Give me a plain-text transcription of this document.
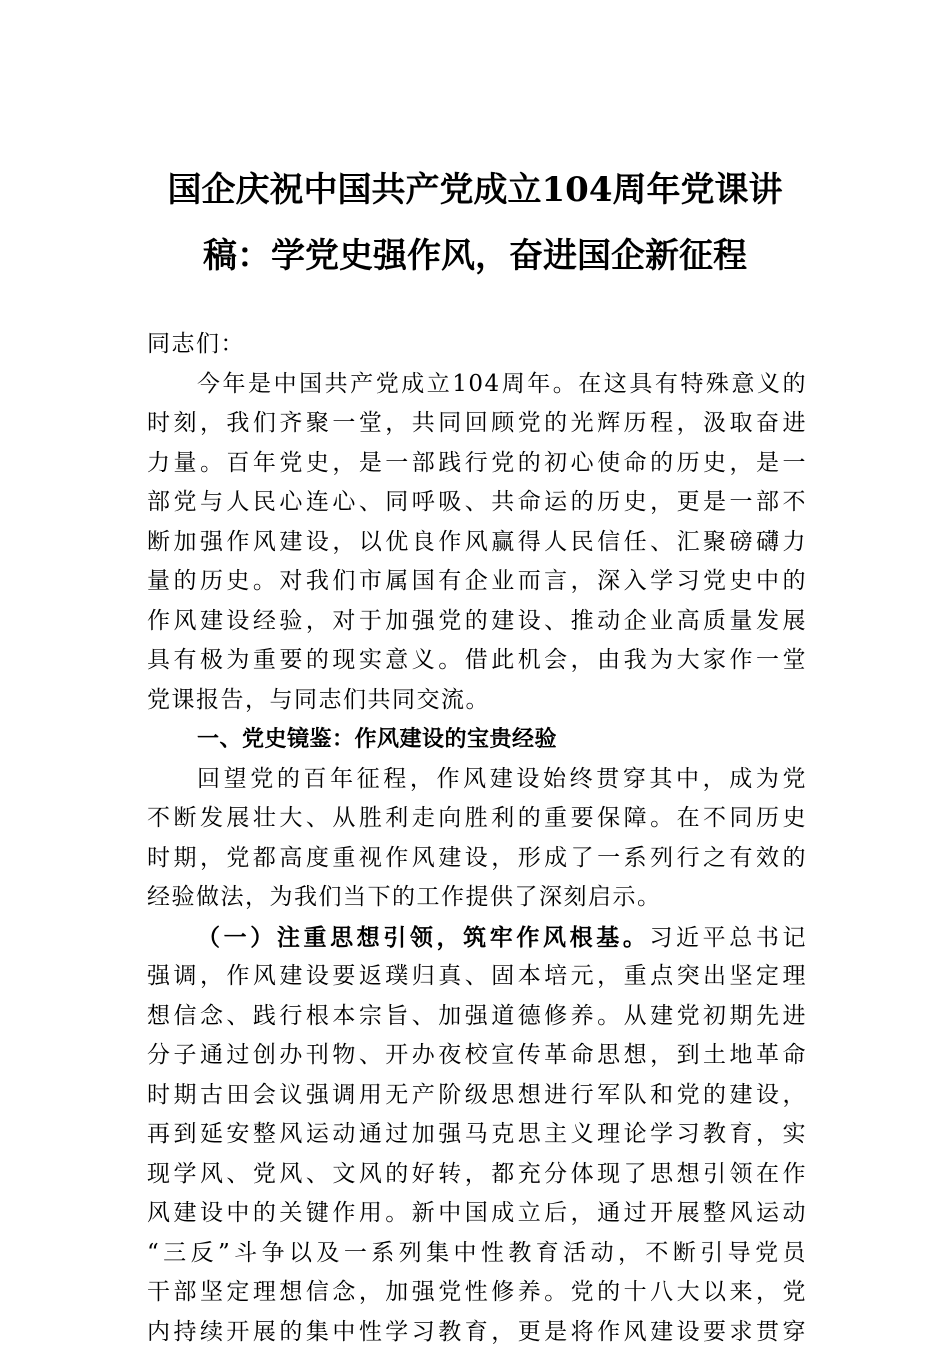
国企庆祝中国共产党成立104周年党课讲
稿：学党史强作风，奋进国企新征程
同志们：
今年是中国共产党成立104周年。在这具有特殊意义的
时刻，我们齐聚一堂，共同回顾党的光辉历程，汲取奋进
力量。百年党史，是一部践行党的初心使命的历史，是一
部党与人民心连心、同呼吸、共命运的历史，更是一部不
断加强作风建设，以优良作风赢得人民信任、汇聚磅礴力
量的历史。对我们市属国有企业而言，深入学习党史中的
作风建设经验，对于加强党的建设、推动企业高质量发展
具有极为重要的现实意义。借此机会，由我为大家作一堂
党课报告，与同志们共同交流。
一、党史镜鉴：作风建设的宝贵经验
回望党的百年征程，作风建设始终贯穿其中，成为党
不断发展壮大、从胜利走向胜利的重要保障。在不同历史
时期，党都高度重视作风建设，形成了一系列行之有效的
经验做法，为我们当下的工作提供了深刻启示。
（一）注重思想引领，筑牢作风根基。习近平总书记
强调，作风建设要返璞归真、固本培元，重点突出坚定理
想信念、践行根本宗旨、加强道德修养。从建党初期先进
分子通过创办刊物、开办夜校宣传革命思想，到土地革命
时期古田会议强调用无产阶级思想进行军队和党的建设，
再到延安整风运动通过加强马克思主义理论学习教育，实
现学风、党风、文风的好转，都充分体现了思想引领在作
风建设中的关键作用。新中国成立后，通过开展整风运动
“三反”斗争以及一系列集中性教育活动，不断引导党员
干部坚定理想信念，加强党性修养。党的十八大以来，党
内持续开展的集中性学习教育，更是将作风建设要求贯穿
